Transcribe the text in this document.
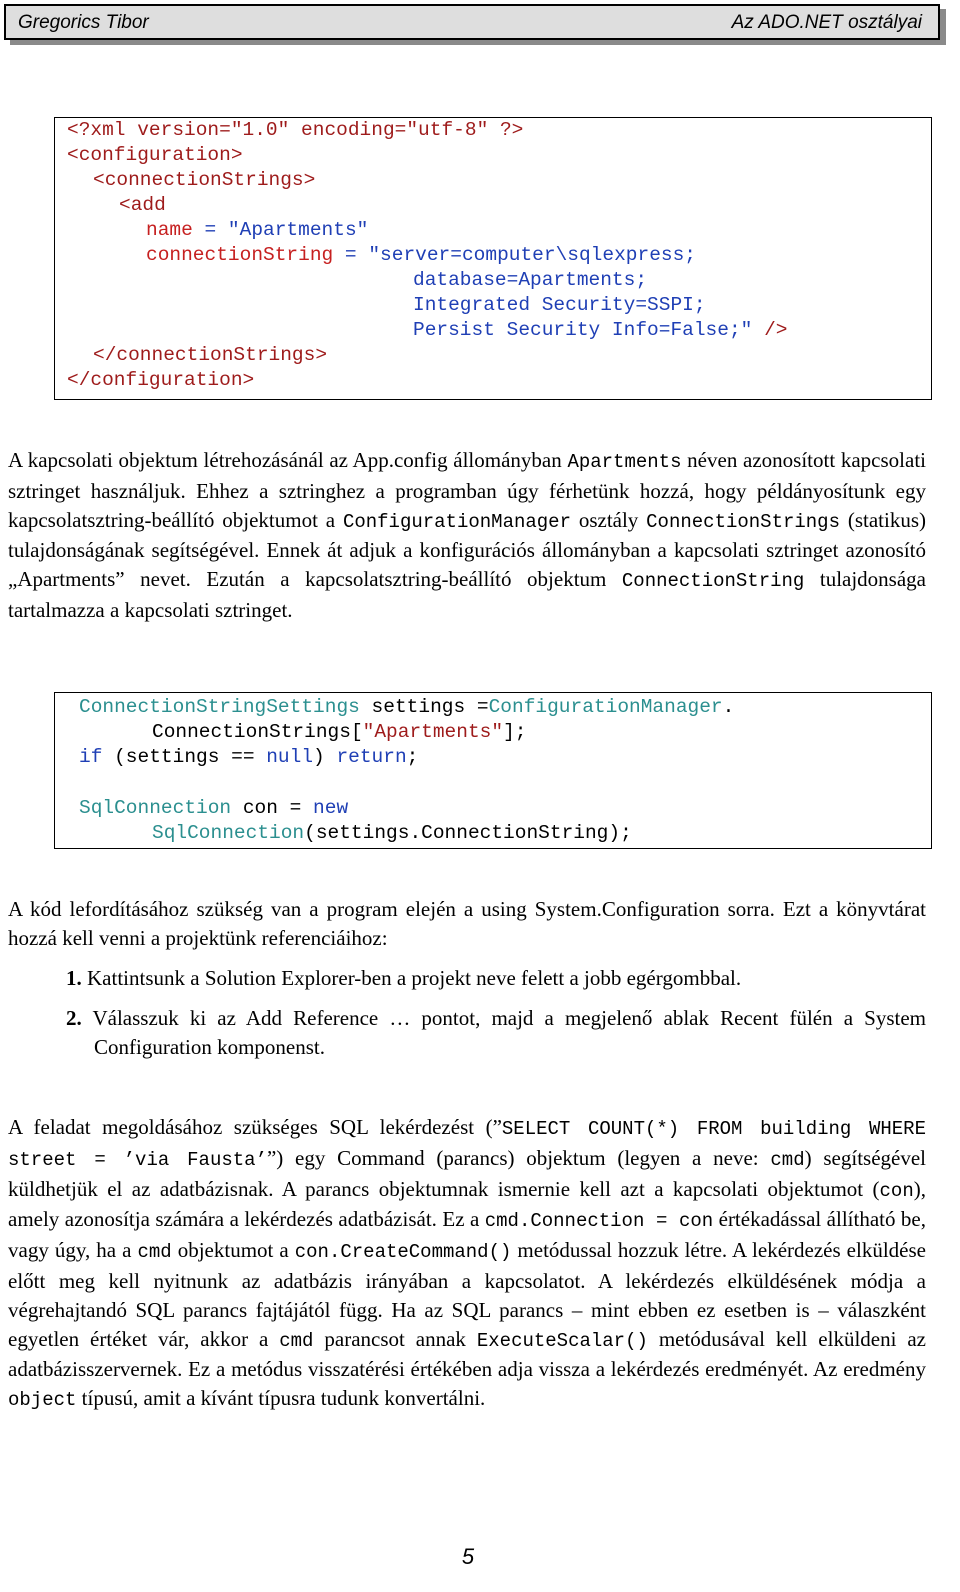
Gregorics Tibor	Az ADO.NET osztályai

<?xml version="1.0" encoding="utf-8" ?>

<configuration>

<connectionStrings>

<add

name = "Apartments"

connectionString = "server=computer\sqlexpress;

database=Apartments;

Integrated Security=SSPI;

Persist Security Info=False;" />

</connectionStrings>

</configuration>

A kapcsolati objektum létrehozásánál az App.config állományban Apartments néven azonosított kapcsolati sztringet használjuk. Ehhez a sztringhez a programban úgy férhetünk hozzá, hogy példányosítunk egy kapcsolatsztring-beállító objektumot a ConfigurationManager osztály ConnectionStrings (statikus) tulajdonságának segítségével. Ennek át adjuk a konfigurációs állományban a kapcsolati sztringet azonosító „Apartments” nevet. Ezután a kapcsolatsztring-beállító objektum ConnectionString tulajdonsága tartalmazza a kapcsolati sztringet.

ConnectionStringSettings settings =ConfigurationManager.

ConnectionStrings["Apartments"];

if (settings == null) return;

SqlConnection con = new

SqlConnection(settings.ConnectionString);

A kód lefordításához szükség van a program elején a using System.Configuration sorra. Ezt a könyvtárat hozzá kell venni a projektünk referenciáihoz:
1. Kattintsunk a Solution Explorer-ben a projekt neve felett a jobb egérgombbal.
2. Válasszuk ki az Add Reference … pontot, majd a megjelenő ablak Recent fülén a System Configuration komponenst.
A feladat megoldásához szükséges SQL lekérdezést (”SELECT COUNT(*) FROM building WHERE street = ’via Fausta’”) egy Command (parancs) objektum (legyen a neve: cmd) segítségével küldhetjük el az adatbázisnak. A parancs objektumnak ismernie kell azt a kapcsolati objektumot (con), amely azonosítja számára a lekérdezés adatbázisát. Ez a cmd.Connection = con értékadással állítható be, vagy úgy, ha a cmd objektumot a con.CreateCommand() metódussal hozzuk létre. A lekérdezés elküldése előtt meg kell nyitnunk az adatbázis irányában a kapcsolatot. A lekérdezés elküldésének módja a végrehajtandó SQL parancs fajtájától függ. Ha az SQL parancs – mint ebben ez esetben is – válaszként egyetlen értéket vár, akkor a cmd parancsot annak ExecuteScalar() metódusával kell elküldeni az adatbázisszervernek. Ez a metódus visszatérési értékében adja vissza a lekérdezés eredményét. Az eredmény object típusú, amit a kívánt típusra tudunk konvertálni.
5
